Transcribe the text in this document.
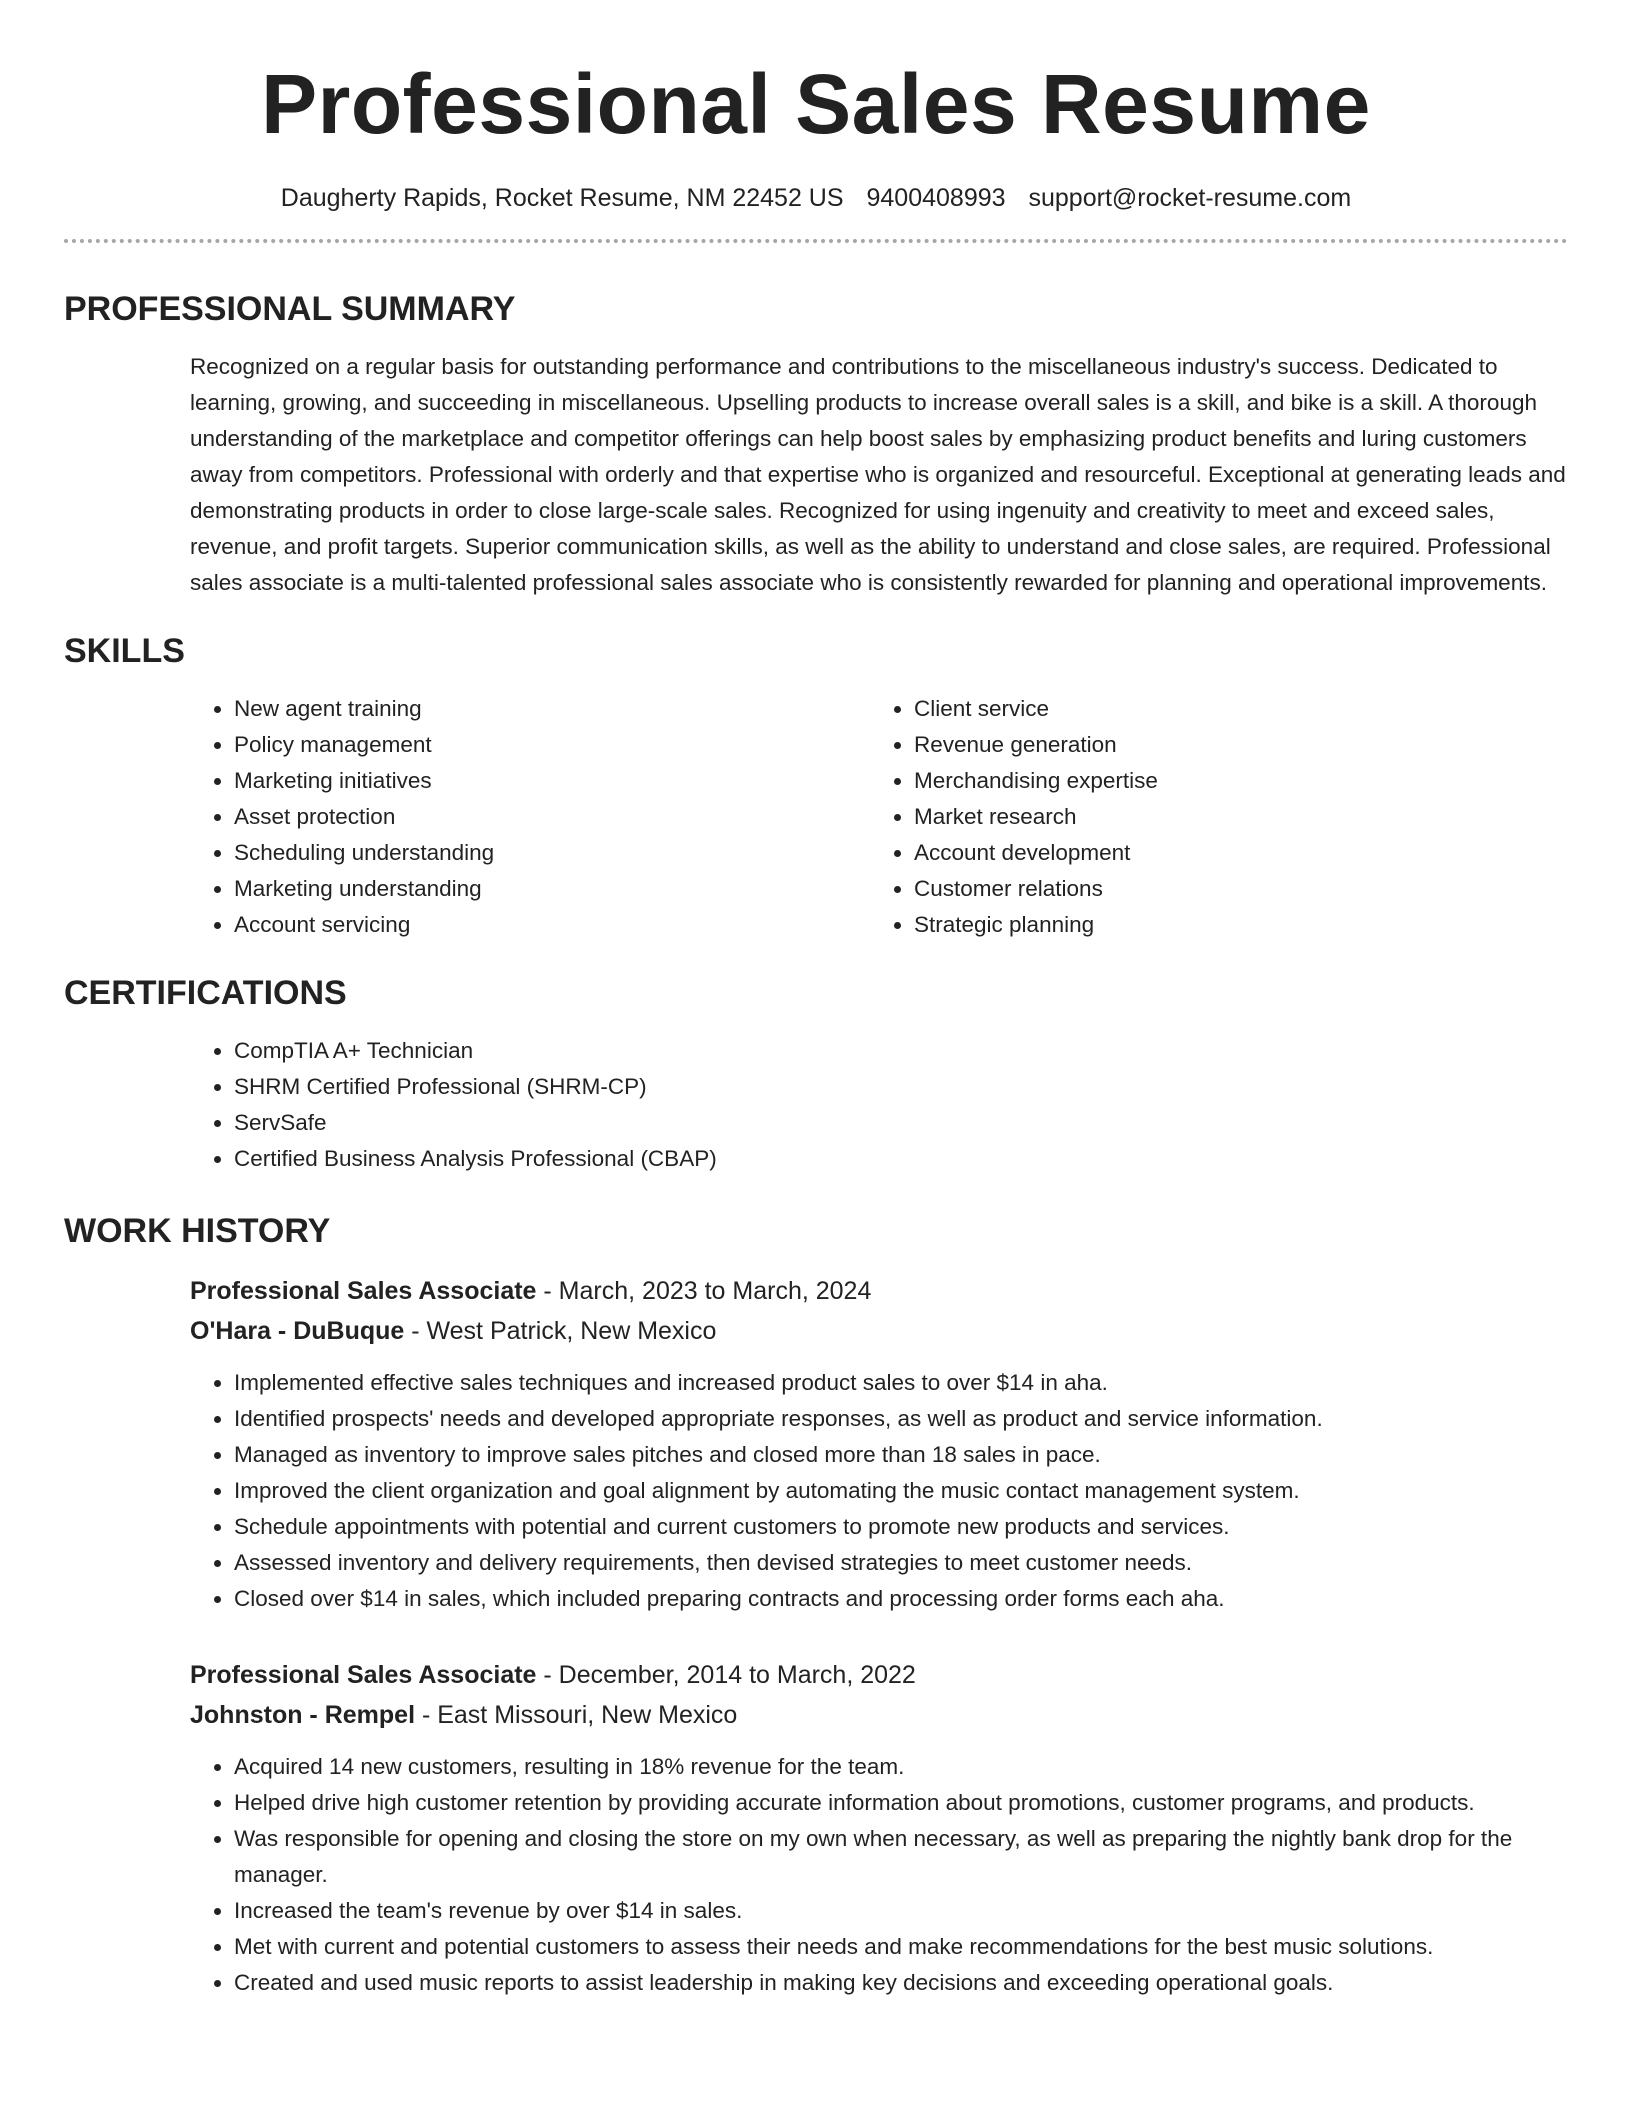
Professional Sales Resume
Daugherty Rapids, Rocket Resume, NM 22452 US 9400408993 support@rocket-resume.com
PROFESSIONAL SUMMARY
Recognized on a regular basis for outstanding performance and contributions to the miscellaneous industry's success. Dedicated to learning, growing, and succeeding in miscellaneous. Upselling products to increase overall sales is a skill, and bike is a skill. A thorough understanding of the marketplace and competitor offerings can help boost sales by emphasizing product benefits and luring customers away from competitors. Professional with orderly and that expertise who is organized and resourceful. Exceptional at generating leads and demonstrating products in order to close large-scale sales. Recognized for using ingenuity and creativity to meet and exceed sales, revenue, and profit targets. Superior communication skills, as well as the ability to understand and close sales, are required. Professional sales associate is a multi-talented professional sales associate who is consistently rewarded for planning and operational improvements.
SKILLS
• New agent training
• Policy management
• Marketing initiatives
• Asset protection
• Scheduling understanding
• Marketing understanding
• Account servicing
• Client service
• Revenue generation
• Merchandising expertise
• Market research
• Account development
• Customer relations
• Strategic planning
CERTIFICATIONS
• CompTIA A+ Technician
• SHRM Certified Professional (SHRM-CP)
• ServSafe
• Certified Business Analysis Professional (CBAP)
WORK HISTORY
Professional Sales Associate - March, 2023 to March, 2024
O'Hara - DuBuque - West Patrick, New Mexico
• Implemented effective sales techniques and increased product sales to over $14 in aha.
• Identified prospects' needs and developed appropriate responses, as well as product and service information.
• Managed as inventory to improve sales pitches and closed more than 18 sales in pace.
• Improved the client organization and goal alignment by automating the music contact management system.
• Schedule appointments with potential and current customers to promote new products and services.
• Assessed inventory and delivery requirements, then devised strategies to meet customer needs.
• Closed over $14 in sales, which included preparing contracts and processing order forms each aha.
Professional Sales Associate - December, 2014 to March, 2022
Johnston - Rempel - East Missouri, New Mexico
• Acquired 14 new customers, resulting in 18% revenue for the team.
• Helped drive high customer retention by providing accurate information about promotions, customer programs, and products.
• Was responsible for opening and closing the store on my own when necessary, as well as preparing the nightly bank drop for the manager.
• Increased the team's revenue by over $14 in sales.
• Met with current and potential customers to assess their needs and make recommendations for the best music solutions.
• Created and used music reports to assist leadership in making key decisions and exceeding operational goals.
